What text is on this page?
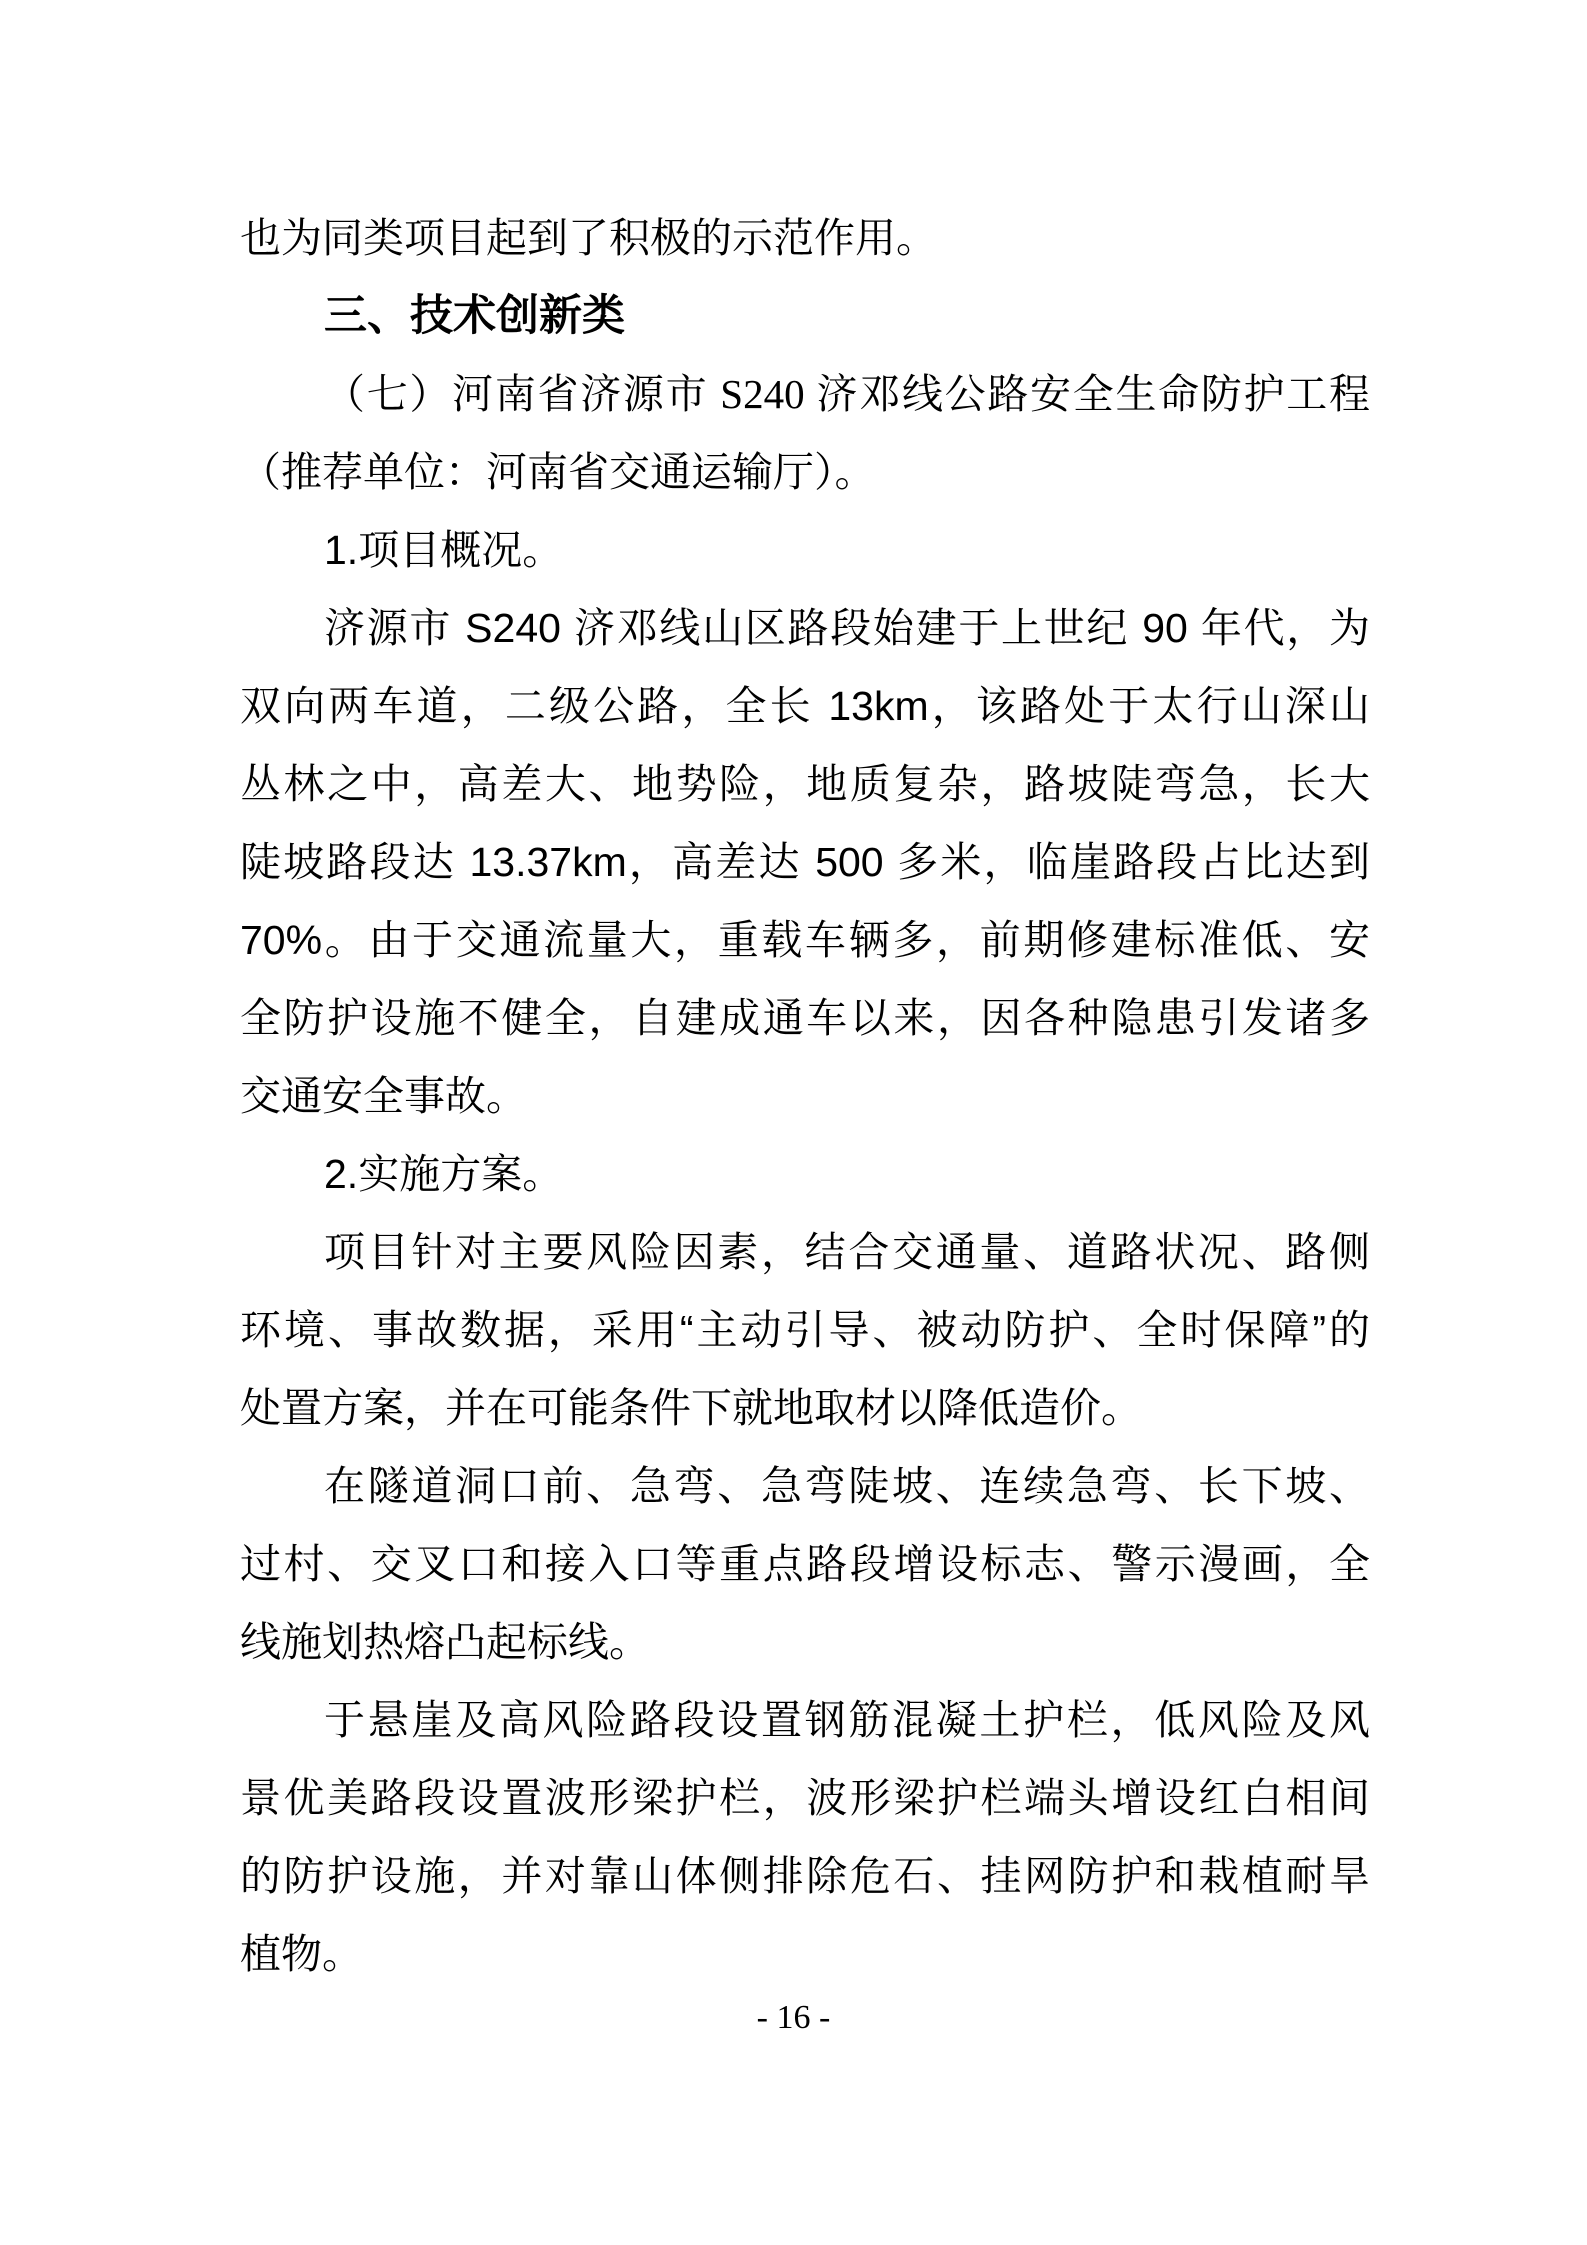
也为同类项目起到了积极的示范作用。
三、技术创新类
（七）河南省济源市 S240 济邓线公路安全生命防护工程
（推荐单位：河南省交通运输厅）。
1.项目概况。
济源市 S240 济邓线山区路段始建于上世纪 90 年代，为
双向两车道，二级公路，全长 13km，该路处于太行山深山
丛林之中，高差大、地势险，地质复杂，路坡陡弯急，长大
陡坡路段达 13.37km，高差达 500 多米，临崖路段占比达到
70%。由于交通流量大，重载车辆多，前期修建标准低、安
全防护设施不健全，自建成通车以来，因各种隐患引发诸多
交通安全事故。
2.实施方案。
项目针对主要风险因素，结合交通量、道路状况、路侧
环境、事故数据，采用“主动引导、被动防护、全时保障”的
处置方案，并在可能条件下就地取材以降低造价。
在隧道洞口前、急弯、急弯陡坡、连续急弯、长下坡、
过村、交叉口和接入口等重点路段增设标志、警示漫画，全
线施划热熔凸起标线。
于悬崖及高风险路段设置钢筋混凝土护栏，低风险及风
景优美路段设置波形梁护栏，波形梁护栏端头增设红白相间
的防护设施，并对靠山体侧排除危石、挂网防护和栽植耐旱
植物。
- 16 -
